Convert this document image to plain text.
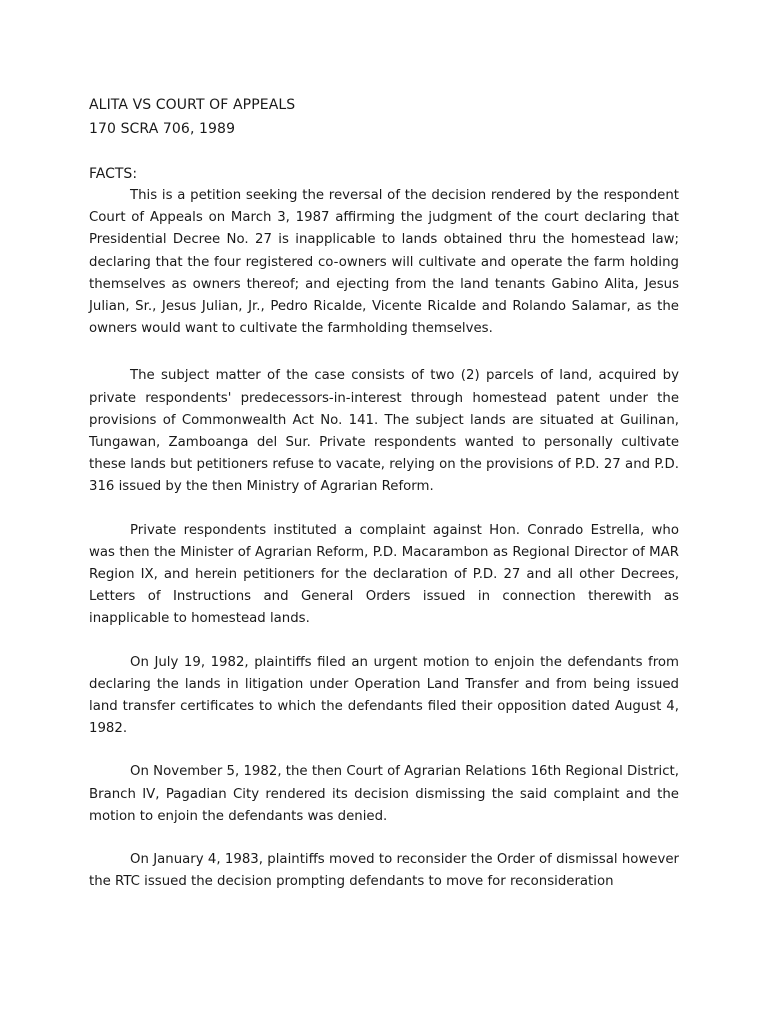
ALITA VS COURT OF APPEALS
170 SCRA 706, 1989
FACTS:

This is a petition seeking the reversal of the decision rendered by the respondent Court of Appeals on March 3, 1987 affirming the judgment of the court declaring that Presidential Decree No. 27 is inapplicable to lands obtained thru the homestead law; declaring that the four registered co-owners will cultivate and operate the farm holding themselves as owners thereof; and ejecting from the land tenants Gabino Alita, Jesus Julian, Sr., Jesus Julian, Jr., Pedro Ricalde, Vicente Ricalde and Rolando Salamar, as the owners would want to cultivate the farmholding themselves.

The subject matter of the case consists of two (2) parcels of land, acquired by private respondents' predecessors-in-interest through homestead patent under the provisions of Commonwealth Act No. 141. The subject lands are situated at Guilinan, Tungawan, Zamboanga del Sur. Private respondents wanted to personally cultivate these lands but petitioners refuse to vacate, relying on the provisions of P.D. 27 and P.D. 316 issued by the then Ministry of Agrarian Reform.

Private respondents instituted a complaint against Hon. Conrado Estrella, who was then the Minister of Agrarian Reform, P.D. Macarambon as Regional Director of MAR Region IX, and herein petitioners for the declaration of P.D. 27 and all other Decrees, Letters of Instructions and General Orders issued in connection therewith as inapplicable to homestead lands.

On July 19, 1982, plaintiffs filed an urgent motion to enjoin the defendants from declaring the lands in litigation under Operation Land Transfer and from being issued land transfer certificates to which the defendants filed their opposition dated August 4, 1982.

On November 5, 1982, the then Court of Agrarian Relations 16th Regional District, Branch IV, Pagadian City rendered its decision dismissing the said complaint and the motion to enjoin the defendants was denied.

On January 4, 1983, plaintiffs moved to reconsider the Order of dismissal however the RTC issued the decision prompting defendants to move for reconsideration
